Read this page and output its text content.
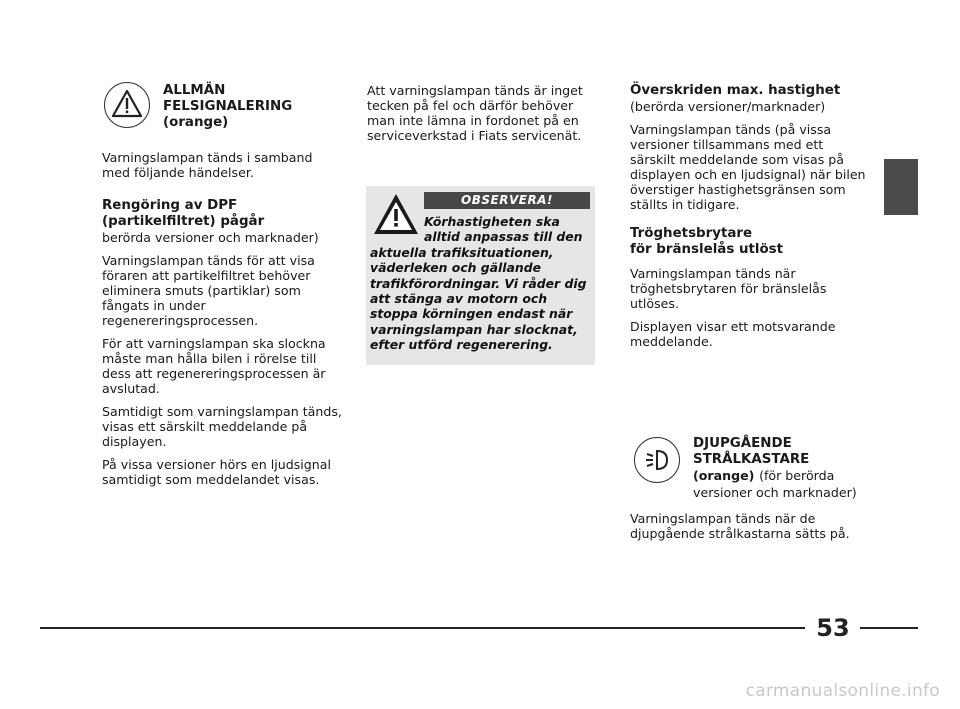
ALLMÄN
FELSIGNALERING
(orange)

Varningslampan tänds i samband med följande händelser.

Rengöring av DPF
(partikelfiltret) pågår

berörda versioner och marknader)

Varningslampan tänds för att visa föraren att partikelfiltret behöver eliminera smuts (partiklar) som fångats in under regenereringsprocessen.

För att varningslampan ska slockna måste man hålla bilen i rörelse till dess att regenereringsprocessen är avslutad.

Samtidigt som varningslampan tänds, visas ett särskilt meddelande på displayen.

På vissa versioner hörs en ljudsignal samtidigt som meddelandet visas.

Att varningslampan tänds är inget tecken på fel och därför behöver man inte lämna in fordonet på en serviceverkstad i Fiats servicenät.

OBSERVERA!
Körhastigheten ska
alltid anpassas till den
aktuella trafiksituationen, väderleken och gällande trafikförordningar. Vi råder dig att stänga av motorn och stoppa körningen endast när varningslampan har slocknat, efter utförd regenerering.
Överskriden max. hastighet

(berörda versioner/marknader)

Varningslampan tänds (på vissa versioner tillsammans med ett särskilt meddelande som visas på displayen och en ljudsignal) när bilen överstiger hastighetsgränsen som ställts in tidigare.

Tröghetsbrytare
för bränslelås utlöst

Varningslampan tänds när tröghetsbrytaren för bränslelås utlöses.

Displayen visar ett motsvarande meddelande.

DJUPGÅENDE
STRÅLKASTARE
(orange) (för berörda versioner och marknader)

Varningslampan tänds när de djupgående strålkastarna sätts på.

53
carmanualsonline.info
